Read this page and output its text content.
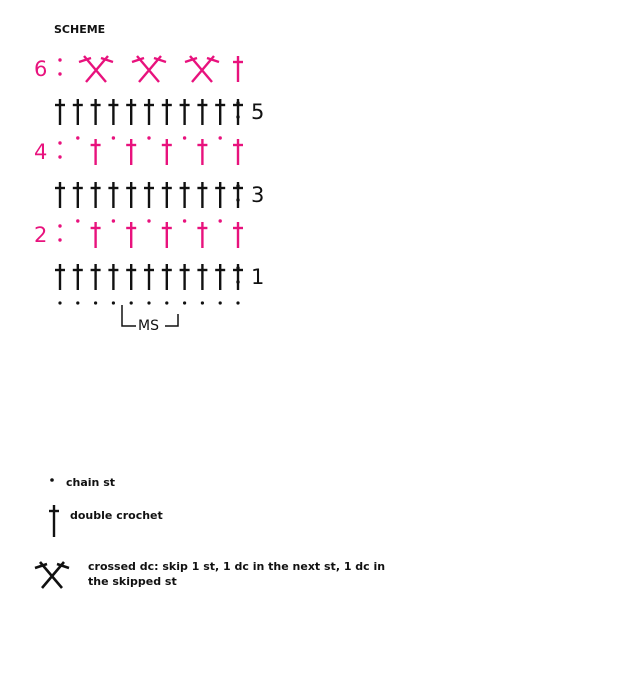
SCHEME
1
2
3
4
5
6
MS
chain st
double crochet
crossed dc: skip 1 st, 1 dc in the next st, 1 dc in the skipped st
